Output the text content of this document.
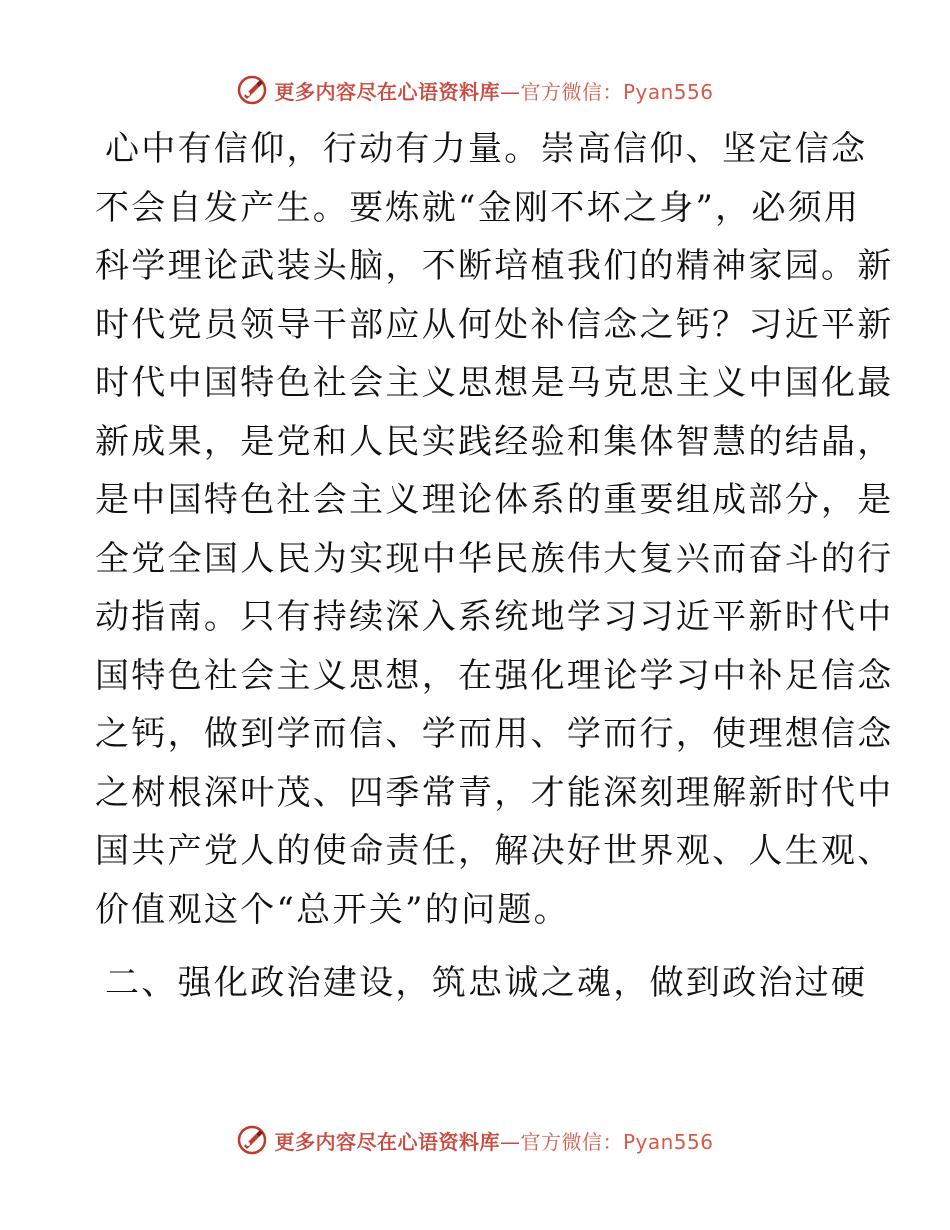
更多内容尽在心语资料库—官方微信：Pyan556
心中有信仰，行动有力量。崇高信仰、坚定信念
不会自发产生。要炼就“金刚不坏之身”，必须用
科学理论武装头脑，不断培植我们的精神家园。新
时代党员领导干部应从何处补信念之钙？习近平新
时代中国特色社会主义思想是马克思主义中国化最
新成果，是党和人民实践经验和集体智慧的结晶，
是中国特色社会主义理论体系的重要组成部分，是
全党全国人民为实现中华民族伟大复兴而奋斗的行
动指南。只有持续深入系统地学习习近平新时代中
国特色社会主义思想，在强化理论学习中补足信念
之钙，做到学而信、学而用、学而行，使理想信念
之树根深叶茂、四季常青，才能深刻理解新时代中
国共产党人的使命责任，解决好世界观、人生观、
价值观这个“总开关”的问题。
二、强化政治建设，筑忠诚之魂，做到政治过硬
更多内容尽在心语资料库—官方微信：Pyan556
